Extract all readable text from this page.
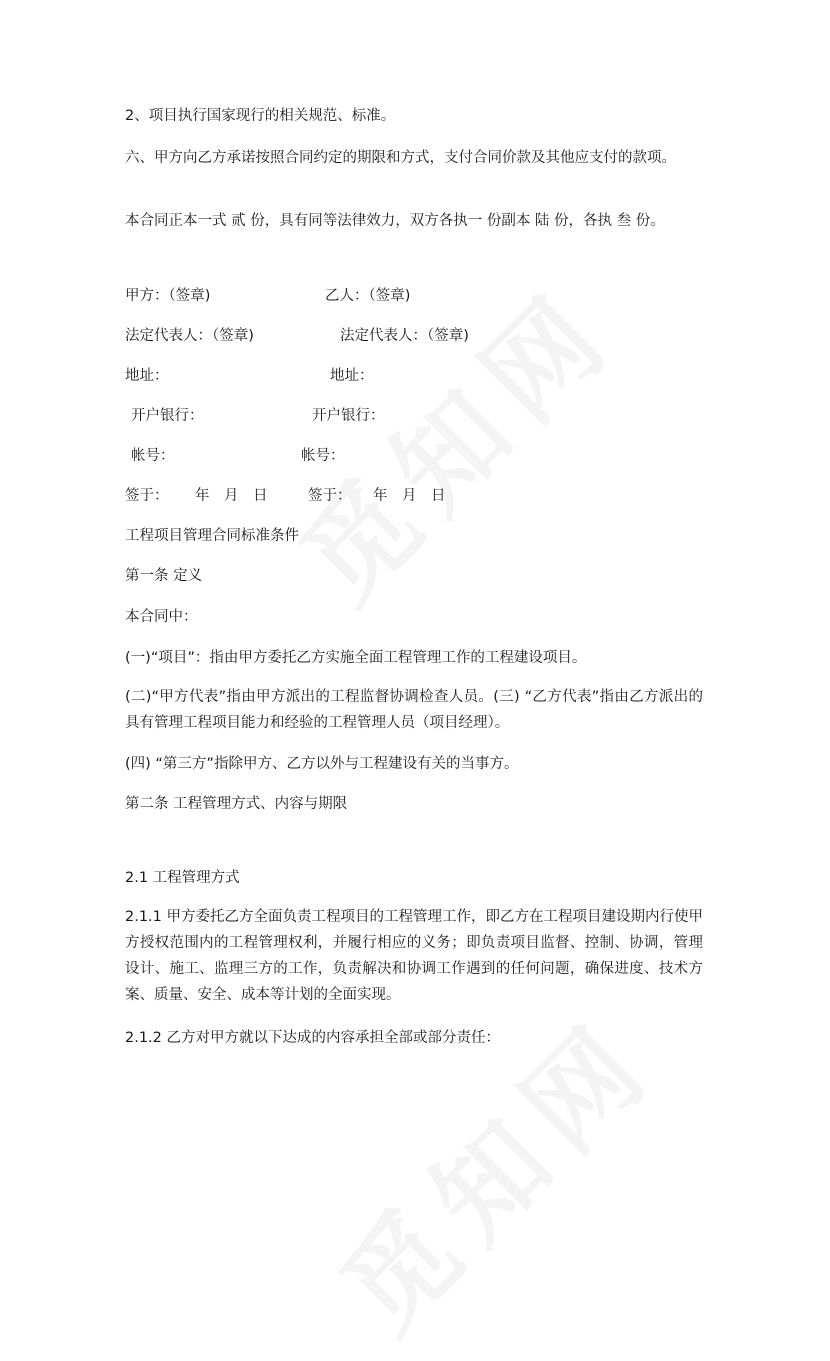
2、项目执行国家现行的相关规范、标准。
六、甲方向乙方承诺按照合同约定的期限和方式，支付合同价款及其他应支付的款项。
本合同正本一式 贰 份，具有同等法律效力，双方各执一 份副本 陆 份，各执 叁 份。
甲方：（签章)	乙人：（签章)
法定代表人：（签章)	法定代表人：（签章)
地址：	地址：
开户银行：	开户银行：
帐号：	帐号：
签于： 年　月　日	签于： 年　月　日
工程项目管理合同标准条件
第一条 定义
本合同中：
(一)“项目”：指由甲方委托乙方实施全面工程管理工作的工程建设项目。
(二)“甲方代表”指由甲方派出的工程监督协调检查人员。(三) “乙方代表”指由乙方派出的具有管理工程项目能力和经验的工程管理人员（项目经理）。
(四) “第三方”指除甲方、乙方以外与工程建设有关的当事方。
第二条 工程管理方式、内容与期限
2.1 工程管理方式
2.1.1 甲方委托乙方全面负责工程项目的工程管理工作，即乙方在工程项目建设期内行使甲方授权范围内的工程管理权利，并履行相应的义务；即负责项目监督、控制、协调，管理设计、施工、监理三方的工作，负责解决和协调工作遇到的任何问题，确保进度、技术方案、质量、安全、成本等计划的全面实现。
2.1.2 乙方对甲方就以下达成的内容承担全部或部分责任：
